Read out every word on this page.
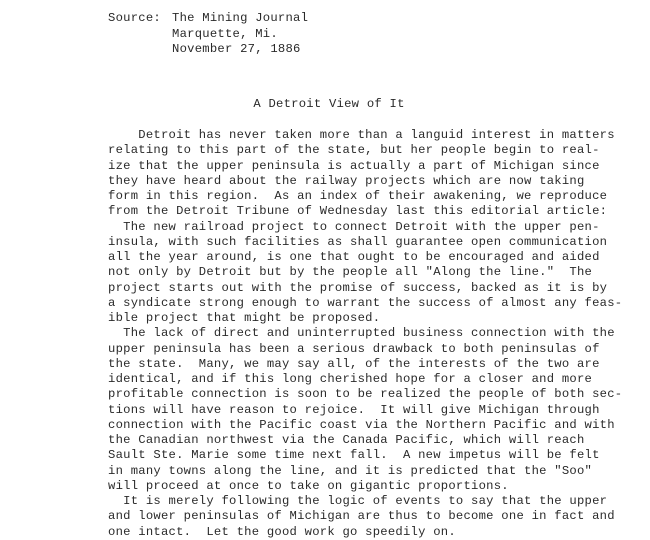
Source: The Mining Journal
Marquette, Mi.
November 27, 1886
A Detroit View of It
Detroit has never taken more than a languid interest in matters
relating to this part of the state, but her people begin to real-
ize that the upper peninsula is actually a part of Michigan since
they have heard about the railway projects which are now taking
form in this region.  As an index of their awakening, we reproduce
from the Detroit Tribune of Wednesday last this editorial article:
The new railroad project to connect Detroit with the upper pen-
insula, with such facilities as shall guarantee open communication
all the year around, is one that ought to be encouraged and aided
not only by Detroit but by the people all "Along the line."  The
project starts out with the promise of success, backed as it is by
a syndicate strong enough to warrant the success of almost any feas-
ible project that might be proposed.
The lack of direct and uninterrupted business connection with the
upper peninsula has been a serious drawback to both peninsulas of
the state.  Many, we may say all, of the interests of the two are
identical, and if this long cherished hope for a closer and more
profitable connection is soon to be realized the people of both sec-
tions will have reason to rejoice.  It will give Michigan through
connection with the Pacific coast via the Northern Pacific and with
the Canadian northwest via the Canada Pacific, which will reach
Sault Ste. Marie some time next fall.  A new impetus will be felt
in many towns along the line, and it is predicted that the "Soo"
will proceed at once to take on gigantic proportions.
It is merely following the logic of events to say that the upper
and lower peninsulas of Michigan are thus to become one in fact and
one intact.  Let the good work go speedily on.
